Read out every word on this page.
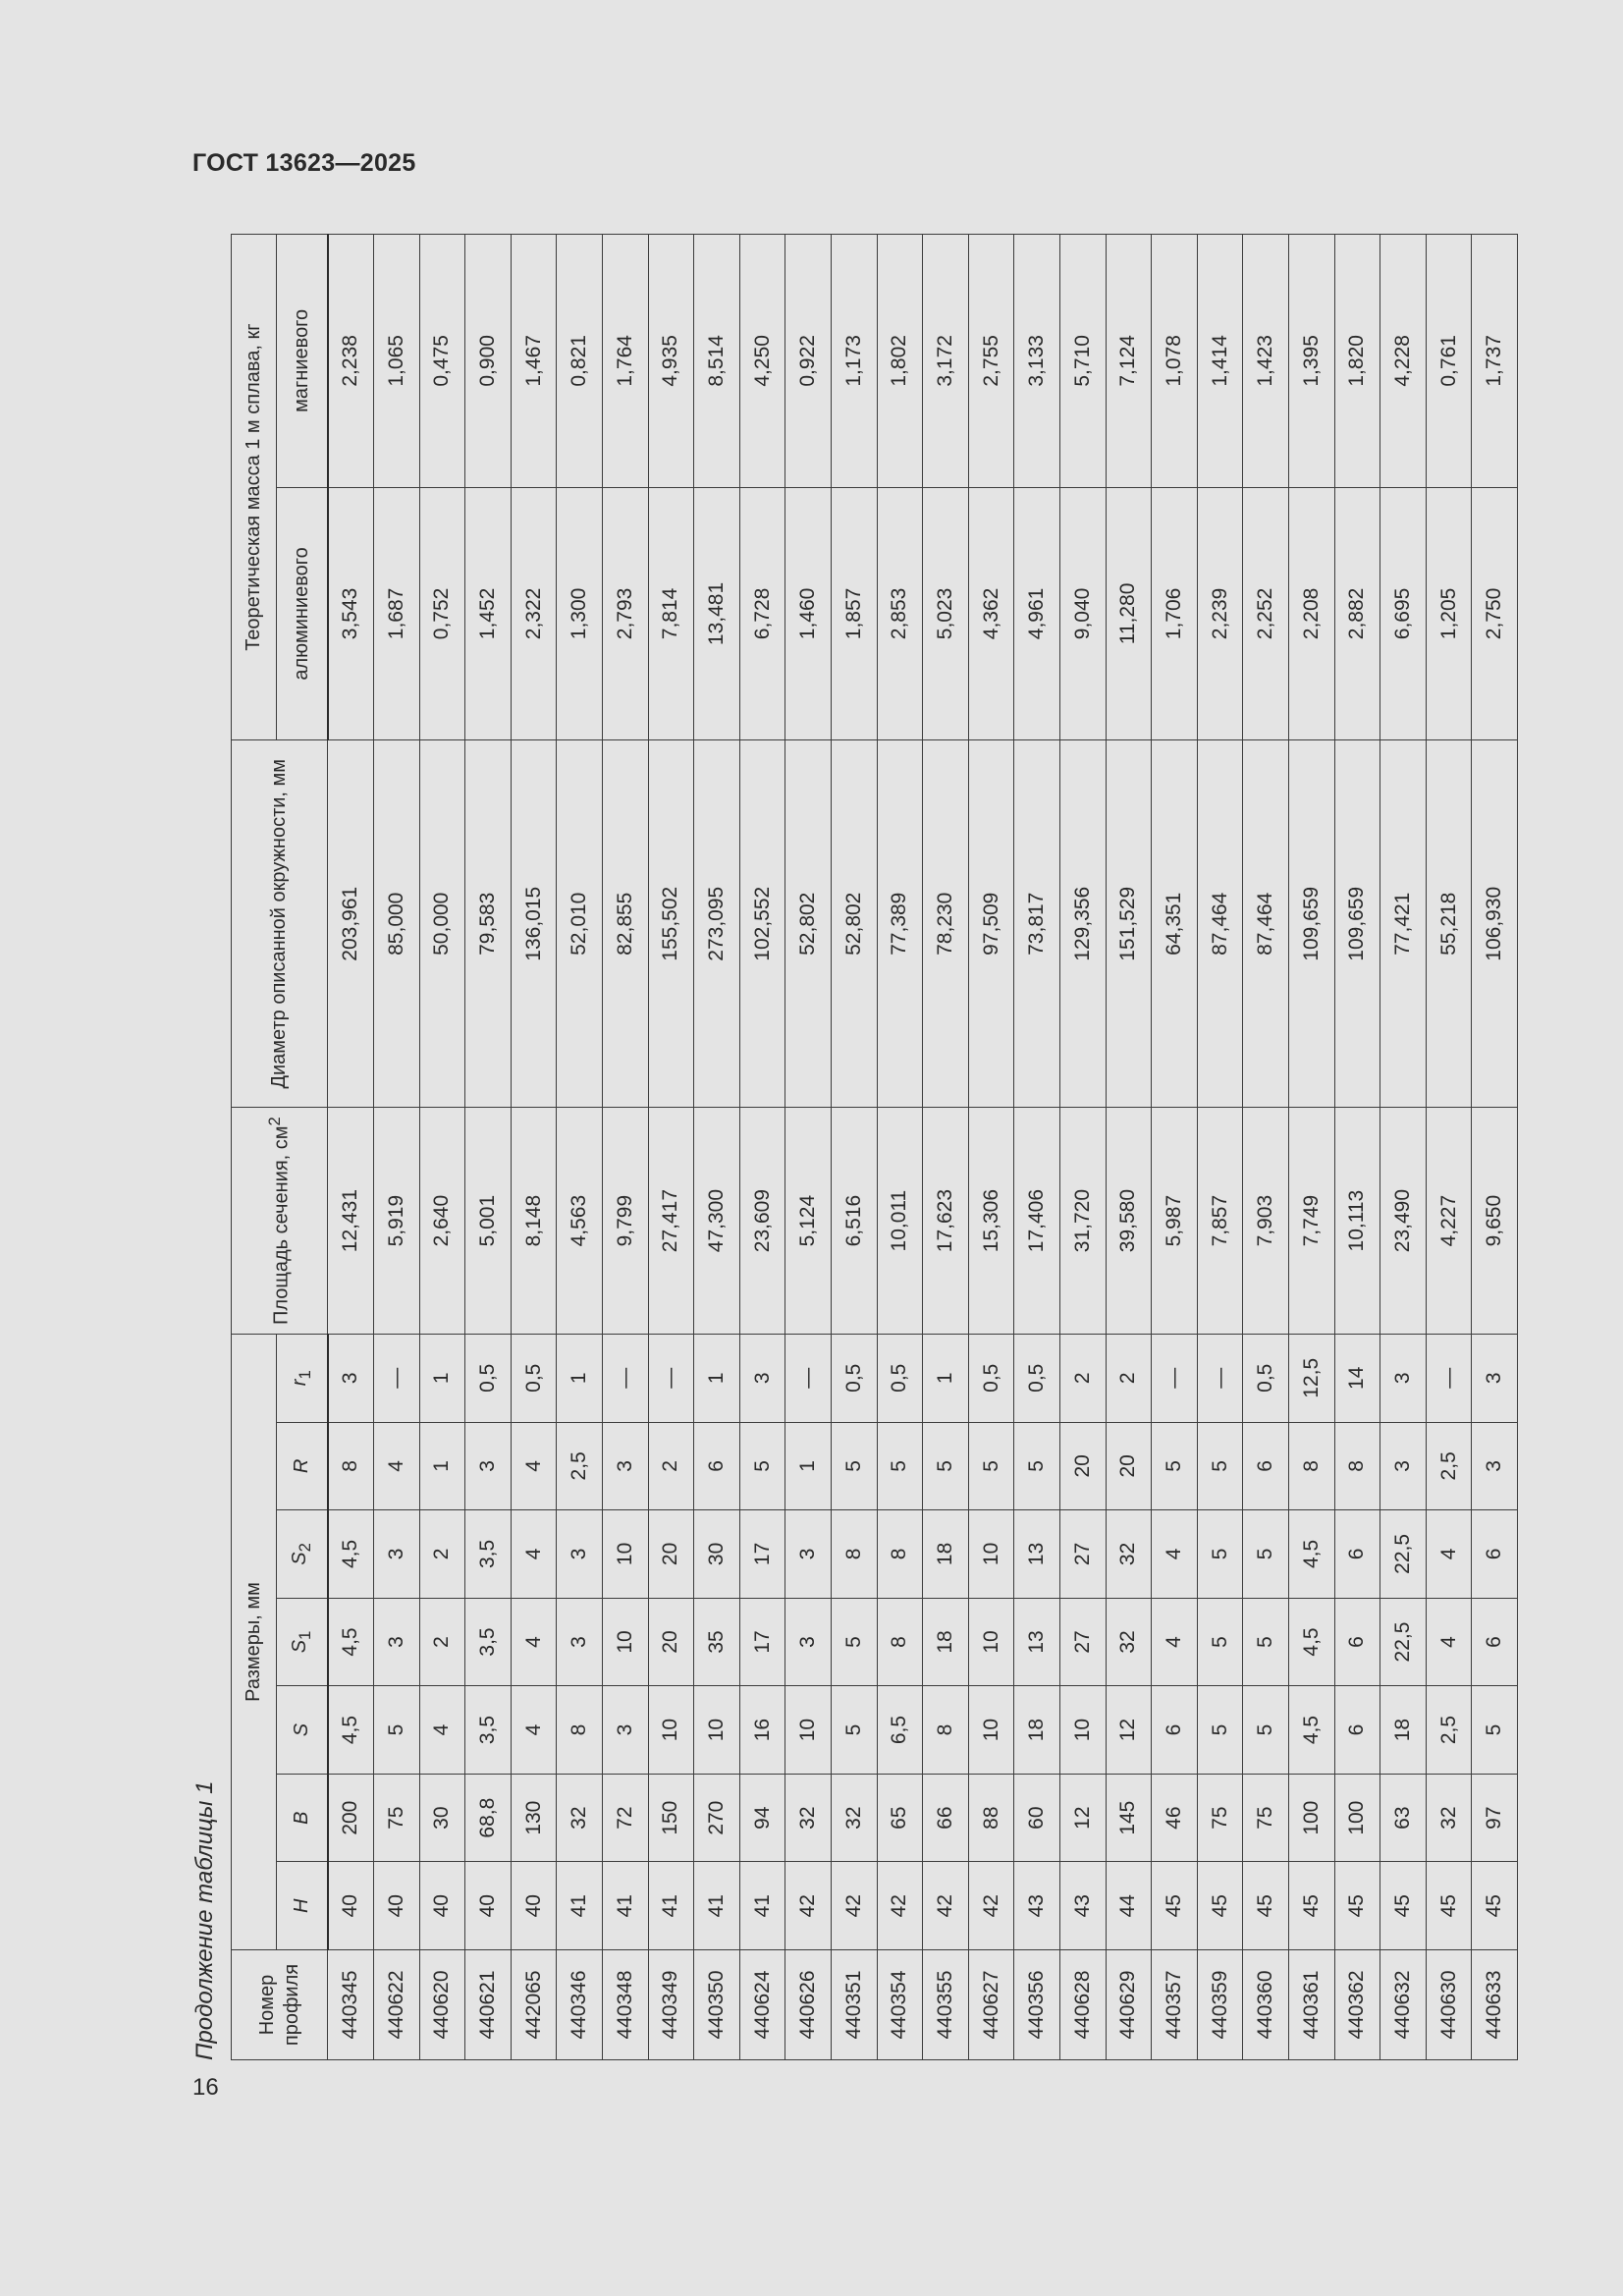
ГОСТ 13623—2025
Продолжение таблицы 1 Номер профиля	Размеры, мм							Площадь сечения, $см^2$	Диаметр описанной окружности, мм	Теоретическая масса 1 м сплава, кг	
	H	B	S	$S_1$	$S_2$	R	$r_1$			алюминиевого	магниевого
440345	40	200	4,5	4,5	4,5	8	3	12,431	203,961	3,543	2,238
440622	40	75	5	3	3	4	—	5,919	85,000	1,687	1,065
440620	40	30	4	2	2	1	1	2,640	50,000	0,752	0,475
440621	40	68,8	3,5	3,5	3,5	3	0,5	5,001	79,583	1,452	0,900
442065	40	130	4	4	4	4	0,5	8,148	136,015	2,322	1,467
440346	41	32	8	3	3	2,5	1	4,563	52,010	1,300	0,821
440348	41	72	3	10	10	3	—	9,799	82,855	2,793	1,764
440349	41	150	10	20	20	2	—	27,417	155,502	7,814	4,935
440350	41	270	10	35	30	6	1	47,300	273,095	13,481	8,514
440624	41	94	16	17	17	5	3	23,609	102,552	6,728	4,250
440626	42	32	10	3	3	1	—	5,124	52,802	1,460	0,922
440351	42	32	5	5	8	5	0,5	6,516	52,802	1,857	1,173
440354	42	65	6,5	8	8	5	0,5	10,011	77,389	2,853	1,802
440355	42	66	8	18	18	5	1	17,623	78,230	5,023	3,172
440627	42	88	10	10	10	5	0,5	15,306	97,509	4,362	2,755
440356	43	60	18	13	13	5	0,5	17,406	73,817	4,961	3,133
440628	43	12	10	27	27	20	2	31,720	129,356	9,040	5,710
440629	44	145	12	32	32	20	2	39,580	151,529	11,280	7,124
440357	45	46	6	4	4	5	—	5,987	64,351	1,706	1,078
440359	45	75	5	5	5	5	—	7,857	87,464	2,239	1,414
440360	45	75	5	5	5	6	0,5	7,903	87,464	2,252	1,423
440361	45	100	4,5	4,5	4,5	8	12,5	7,749	109,659	2,208	1,395
440362	45	100	6	6	6	8	14	10,113	109,659	2,882	1,820
440632	45	63	18	22,5	22,5	3	3	23,490	77,421	6,695	4,228
440630	45	32	2,5	4	4	2,5	—	4,227	55,218	1,205	0,761
440633	45	97	5	6	6	3	3	9,650	106,930	2,750	1,737
16
